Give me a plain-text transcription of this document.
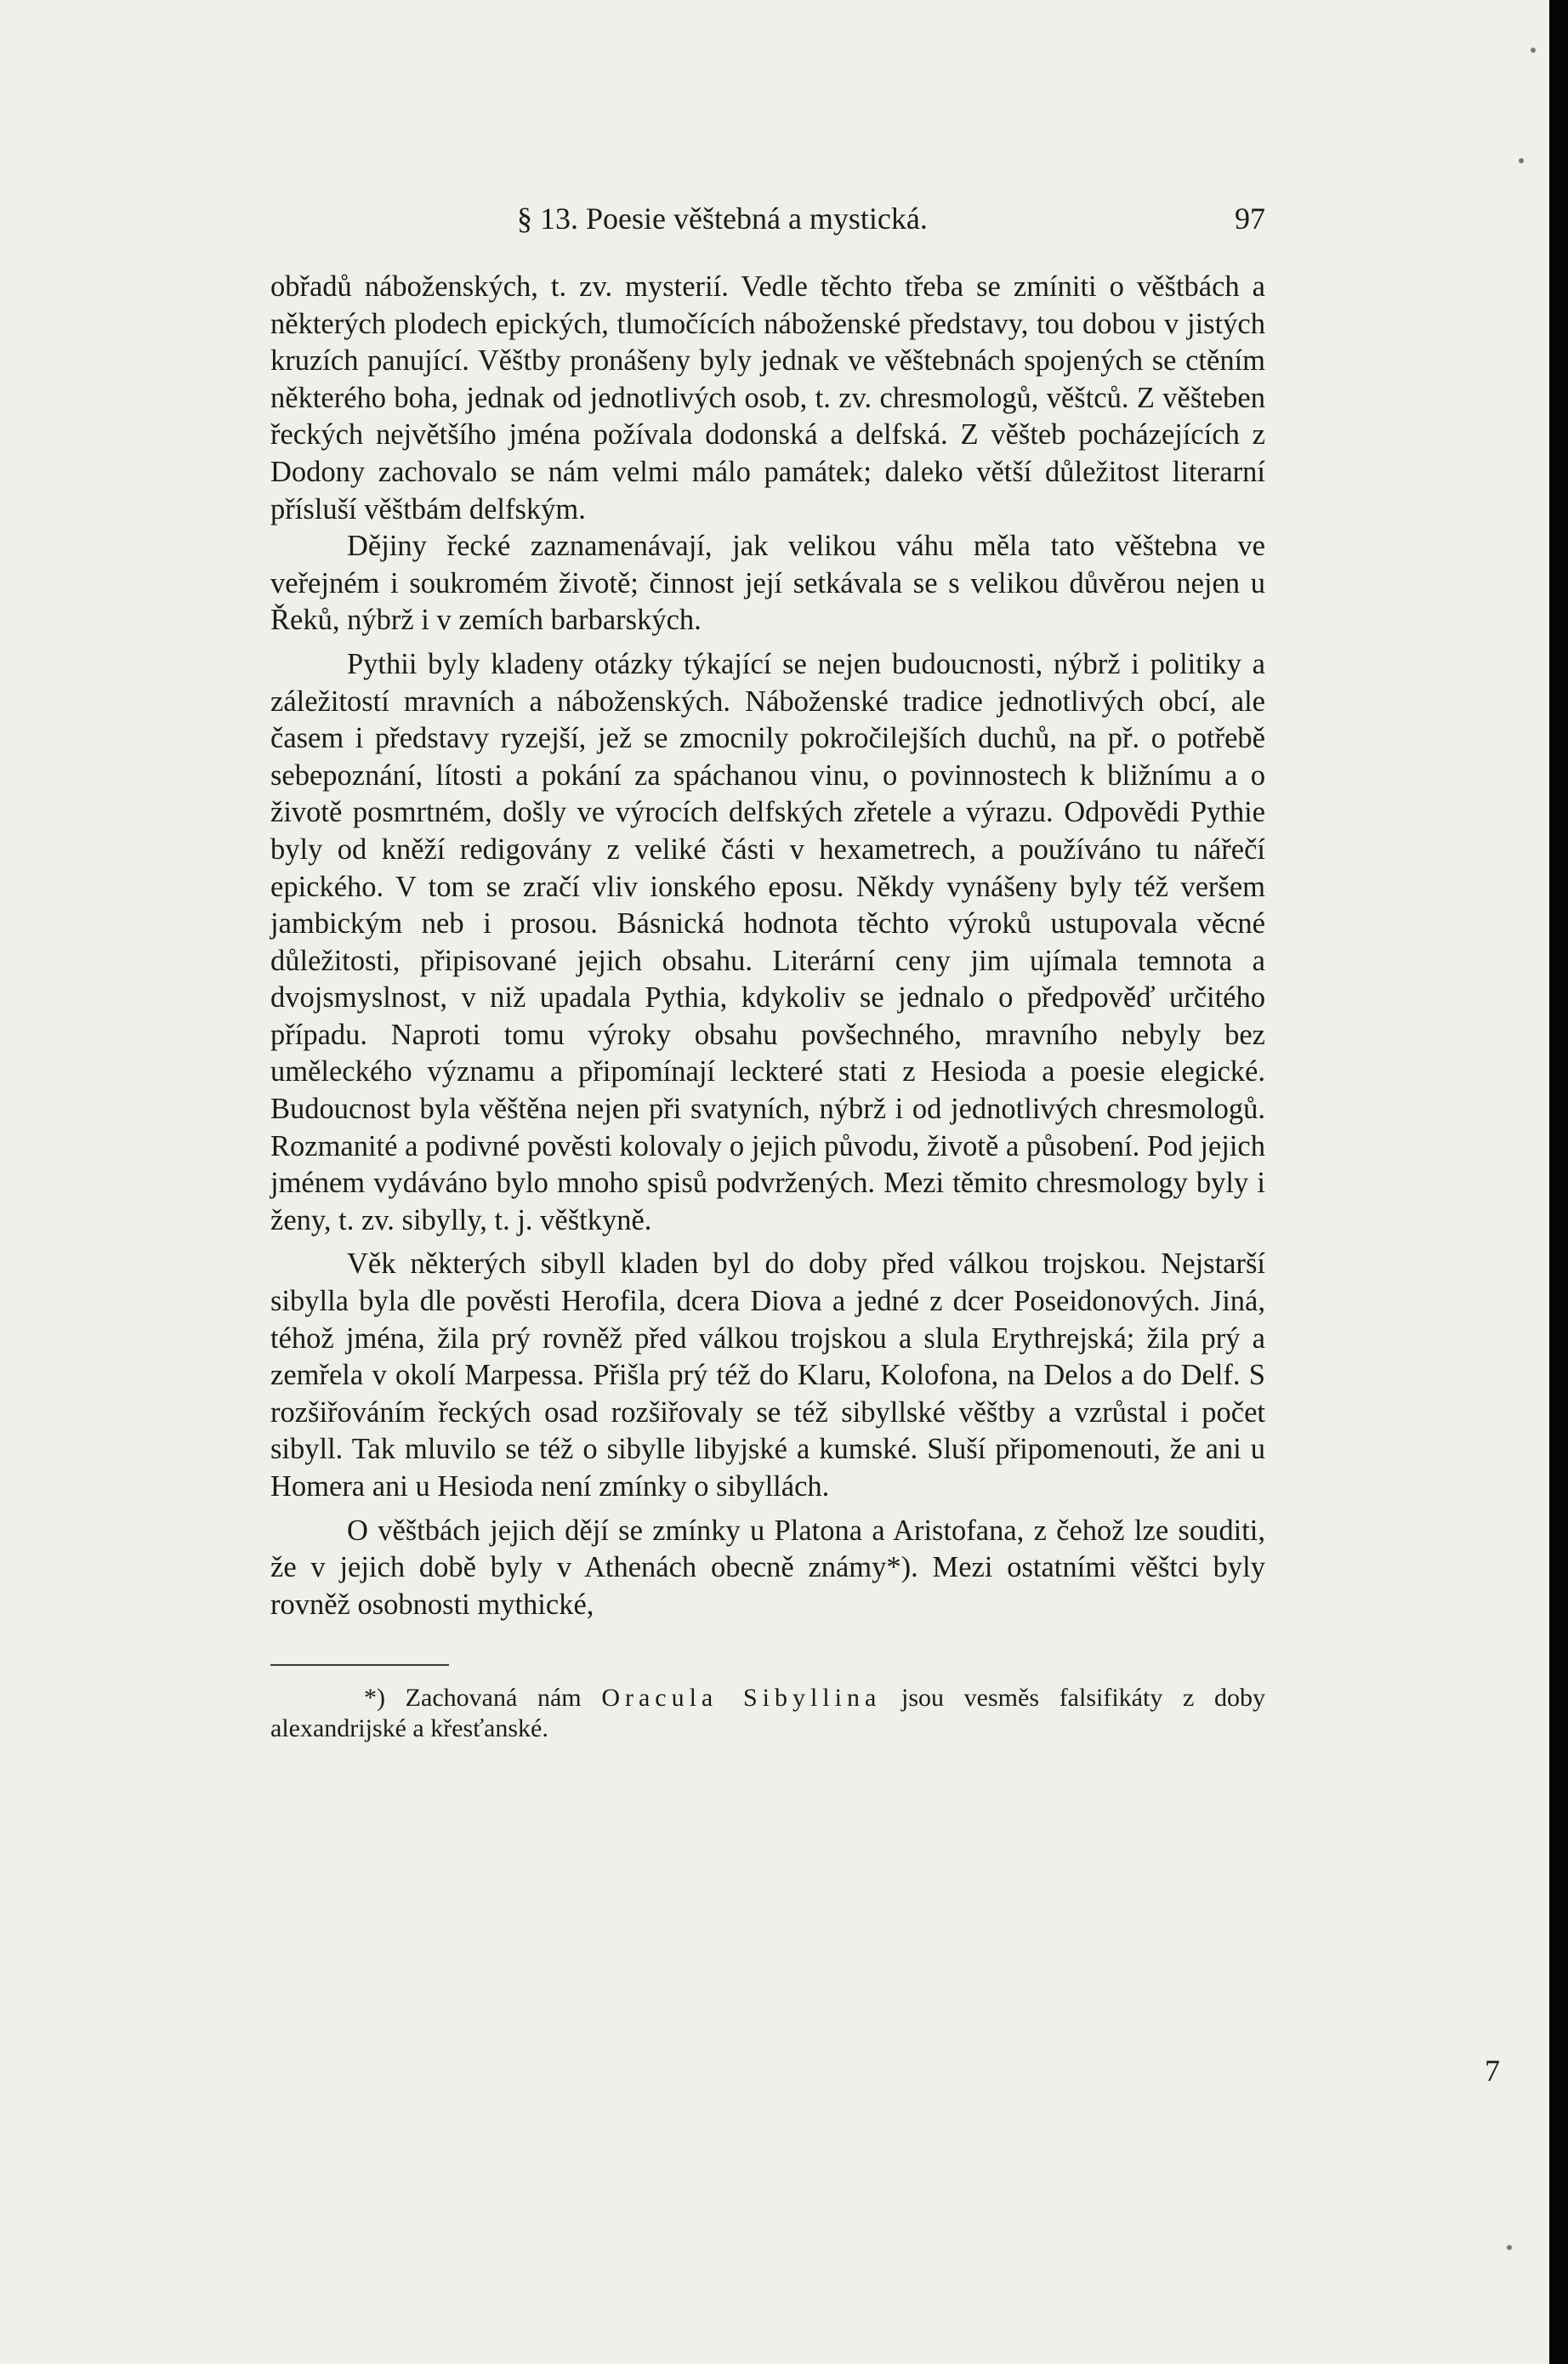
§ 13. Poesie věštebná a mystická.	97

obřadů náboženských, t. zv. mysterií. Vedle těchto třeba se zmíniti o věštbách a některých plodech epických, tlumočících náboženské představy, tou dobou v jistých kruzích panující. Věštby pronášeny byly jednak ve věštebnách spojených se ctěním některého boha, jednak od jednotlivých osob, t. zv. chresmologů, věštců. Z věšteben řeckých největšího jména požívala dodonská a delfská. Z věšteb pocházejících z Dodony zachovalo se nám velmi málo památek; daleko větší důležitost literarní přísluší věštbám delfským.

Dějiny řecké zaznamenávají, jak velikou váhu měla tato věštebna ve veřejném i soukromém životě; činnost její setkávala se s velikou důvěrou nejen u Řeků, nýbrž i v zemích barbarských.

Pythii byly kladeny otázky týkající se nejen budoucnosti, nýbrž i politiky a záležitostí mravních a náboženských. Náboženské tradice jednotlivých obcí, ale časem i představy ryzejší, jež se zmocnily pokročilejších duchů, na př. o potřebě sebepoznání, lítosti a pokání za spáchanou vinu, o povinnostech k bližnímu a o životě posmrtném, došly ve výrocích delfských zřetele a výrazu. Odpovědi Pythie byly od kněží redigovány z veliké části v hexametrech, a používáno tu nářečí epického. V tom se zračí vliv ionského eposu. Někdy vynášeny byly též veršem jambickým neb i prosou. Básnická hodnota těchto výroků ustupovala věcné důležitosti, připisované jejich obsahu. Literární ceny jim ujímala temnota a dvojsmyslnost, v niž upadala Pythia, kdykoliv se jednalo o předpověď určitého případu. Naproti tomu výroky obsahu povšechného, mravního nebyly bez uměleckého významu a připomínají leckteré stati z Hesioda a poesie elegické. Budoucnost byla věštěna nejen při svatyních, nýbrž i od jednotlivých chresmologů. Rozmanité a podivné pověsti kolovaly o jejich původu, životě a působení. Pod jejich jménem vydáváno bylo mnoho spisů podvržených. Mezi těmito chresmology byly i ženy, t. zv. sibylly, t. j. věštkyně.

Věk některých sibyll kladen byl do doby před válkou trojskou. Nejstarší sibylla byla dle pověsti Herofila, dcera Diova a jedné z dcer Poseidonových. Jiná, téhož jména, žila prý rovněž před válkou trojskou a slula Erythrejská; žila prý a zemřela v okolí Marpessa. Přišla prý též do Klaru, Kolofona, na Delos a do Delf. S rozšiřováním řeckých osad rozšiřovaly se též sibyllské věštby a vzrůstal i počet sibyll. Tak mluvilo se též o sibylle libyjské a kumské. Sluší připomenouti, že ani u Homera ani u Hesioda není zmínky o sibyllách.

O věštbách jejich dějí se zmínky u Platona a Aristofana, z čehož lze souditi, že v jejich době byly v Athenách obecně známy*). Mezi ostatními věštci byly rovněž osobnosti mythické,

*) Zachovaná nám Oracula Sibyllina jsou vesměs falsifikáty z doby alexandrijské a křesťanské.
7
